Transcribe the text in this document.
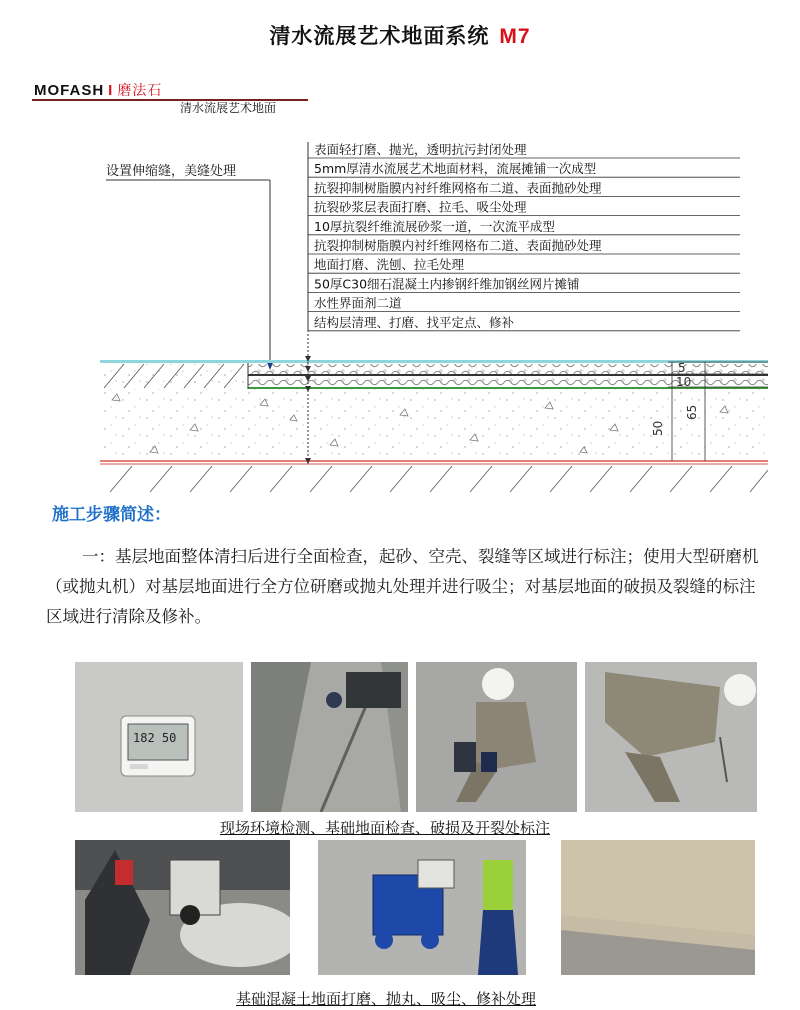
清水流展艺术地面系统 M7
MOFASH I 磨法石
清水流展艺术地面
表面轻打磨、抛光，透明抗污封闭处理
5mm厚清水流展艺术地面材料，流展摊铺一次成型
抗裂抑制树脂膜内衬纤维网格布二道、表面抛砂处理
抗裂砂浆层表面打磨、拉毛、吸尘处理
10厚抗裂纤维流展砂浆一道，一次流平成型
抗裂抑制树脂膜内衬纤维网格布二道、表面抛砂处理
地面打磨、洗刨、拉毛处理
50厚C30细石混凝土内掺钢纤维加钢丝网片摊铺
水性界面剂二道
结构层清理、打磨、找平定点、修补
设置伸缩缝，美缝处理
5
10
50
65
施工步骤简述：
一：基层地面整体清扫后进行全面检查，起砂、空壳、裂缝等区域进行标注；使用大型研磨机（或抛丸机）对基层地面进行全方位研磨或抛丸处理并进行吸尘；对基层地面的破损及裂缝的标注区域进行清除及修补。
182 50
现场环境检测、基础地面检查、破损及开裂处标注
基础混凝土地面打磨、抛丸、吸尘、修补处理
